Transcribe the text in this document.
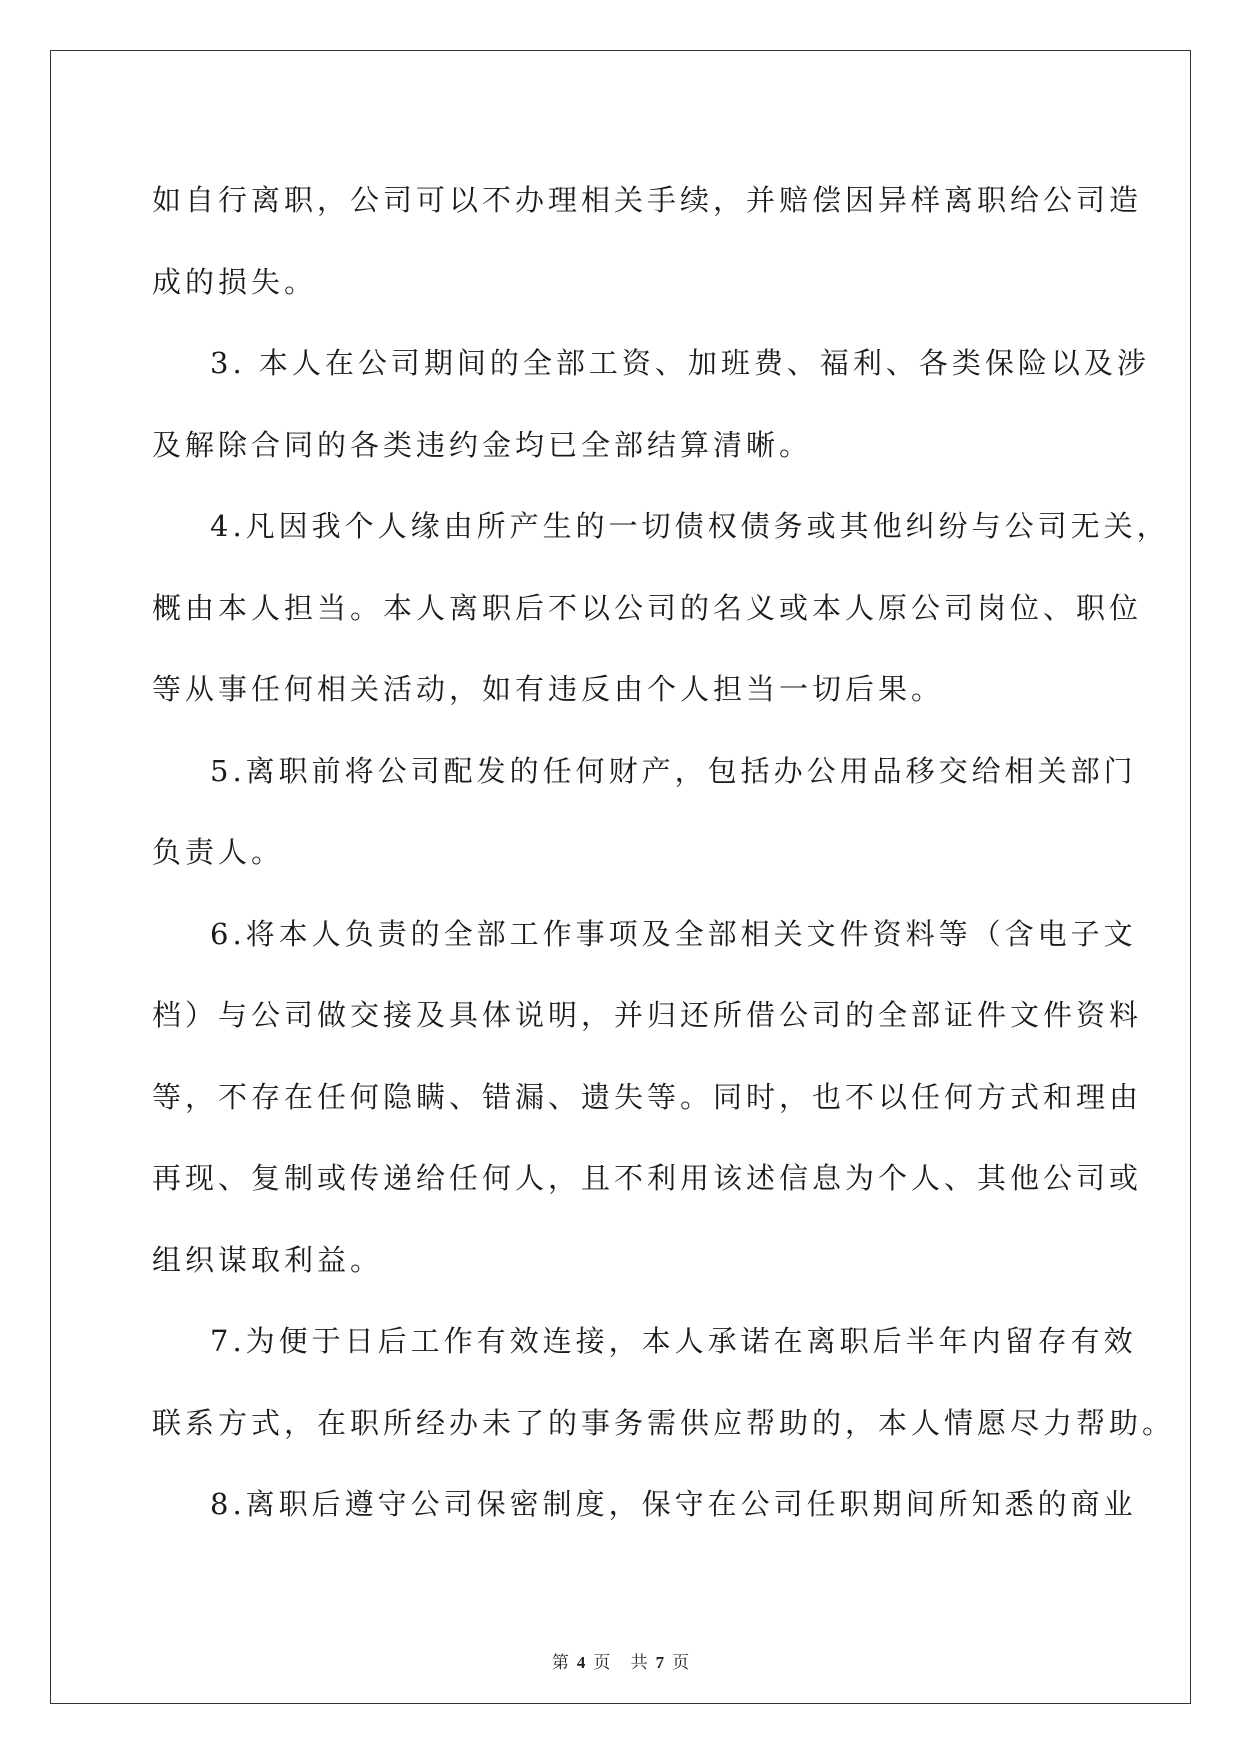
如自行离职，公司可以不办理相关手续，并赔偿因异样离职给公司造
成的损失。
3. 本人在公司期间的全部工资、加班费、福利、各类保险以及涉
及解除合同的各类违约金均已全部结算清晰。
4.凡因我个人缘由所产生的一切债权债务或其他纠纷与公司无关，
概由本人担当。本人离职后不以公司的名义或本人原公司岗位、职位
等从事任何相关活动，如有违反由个人担当一切后果。
5.离职前将公司配发的任何财产，包括办公用品移交给相关部门
负责人。
6.将本人负责的全部工作事项及全部相关文件资料等（含电子文
档）与公司做交接及具体说明，并归还所借公司的全部证件文件资料
等，不存在任何隐瞒、错漏、遗失等。同时，也不以任何方式和理由
再现、复制或传递给任何人，且不利用该述信息为个人、其他公司或
组织谋取利益。
7.为便于日后工作有效连接，本人承诺在离职后半年内留存有效
联系方式，在职所经办未了的事务需供应帮助的，本人情愿尽力帮助。
8.离职后遵守公司保密制度，保守在公司任职期间所知悉的商业
第 4 页 共 7 页
